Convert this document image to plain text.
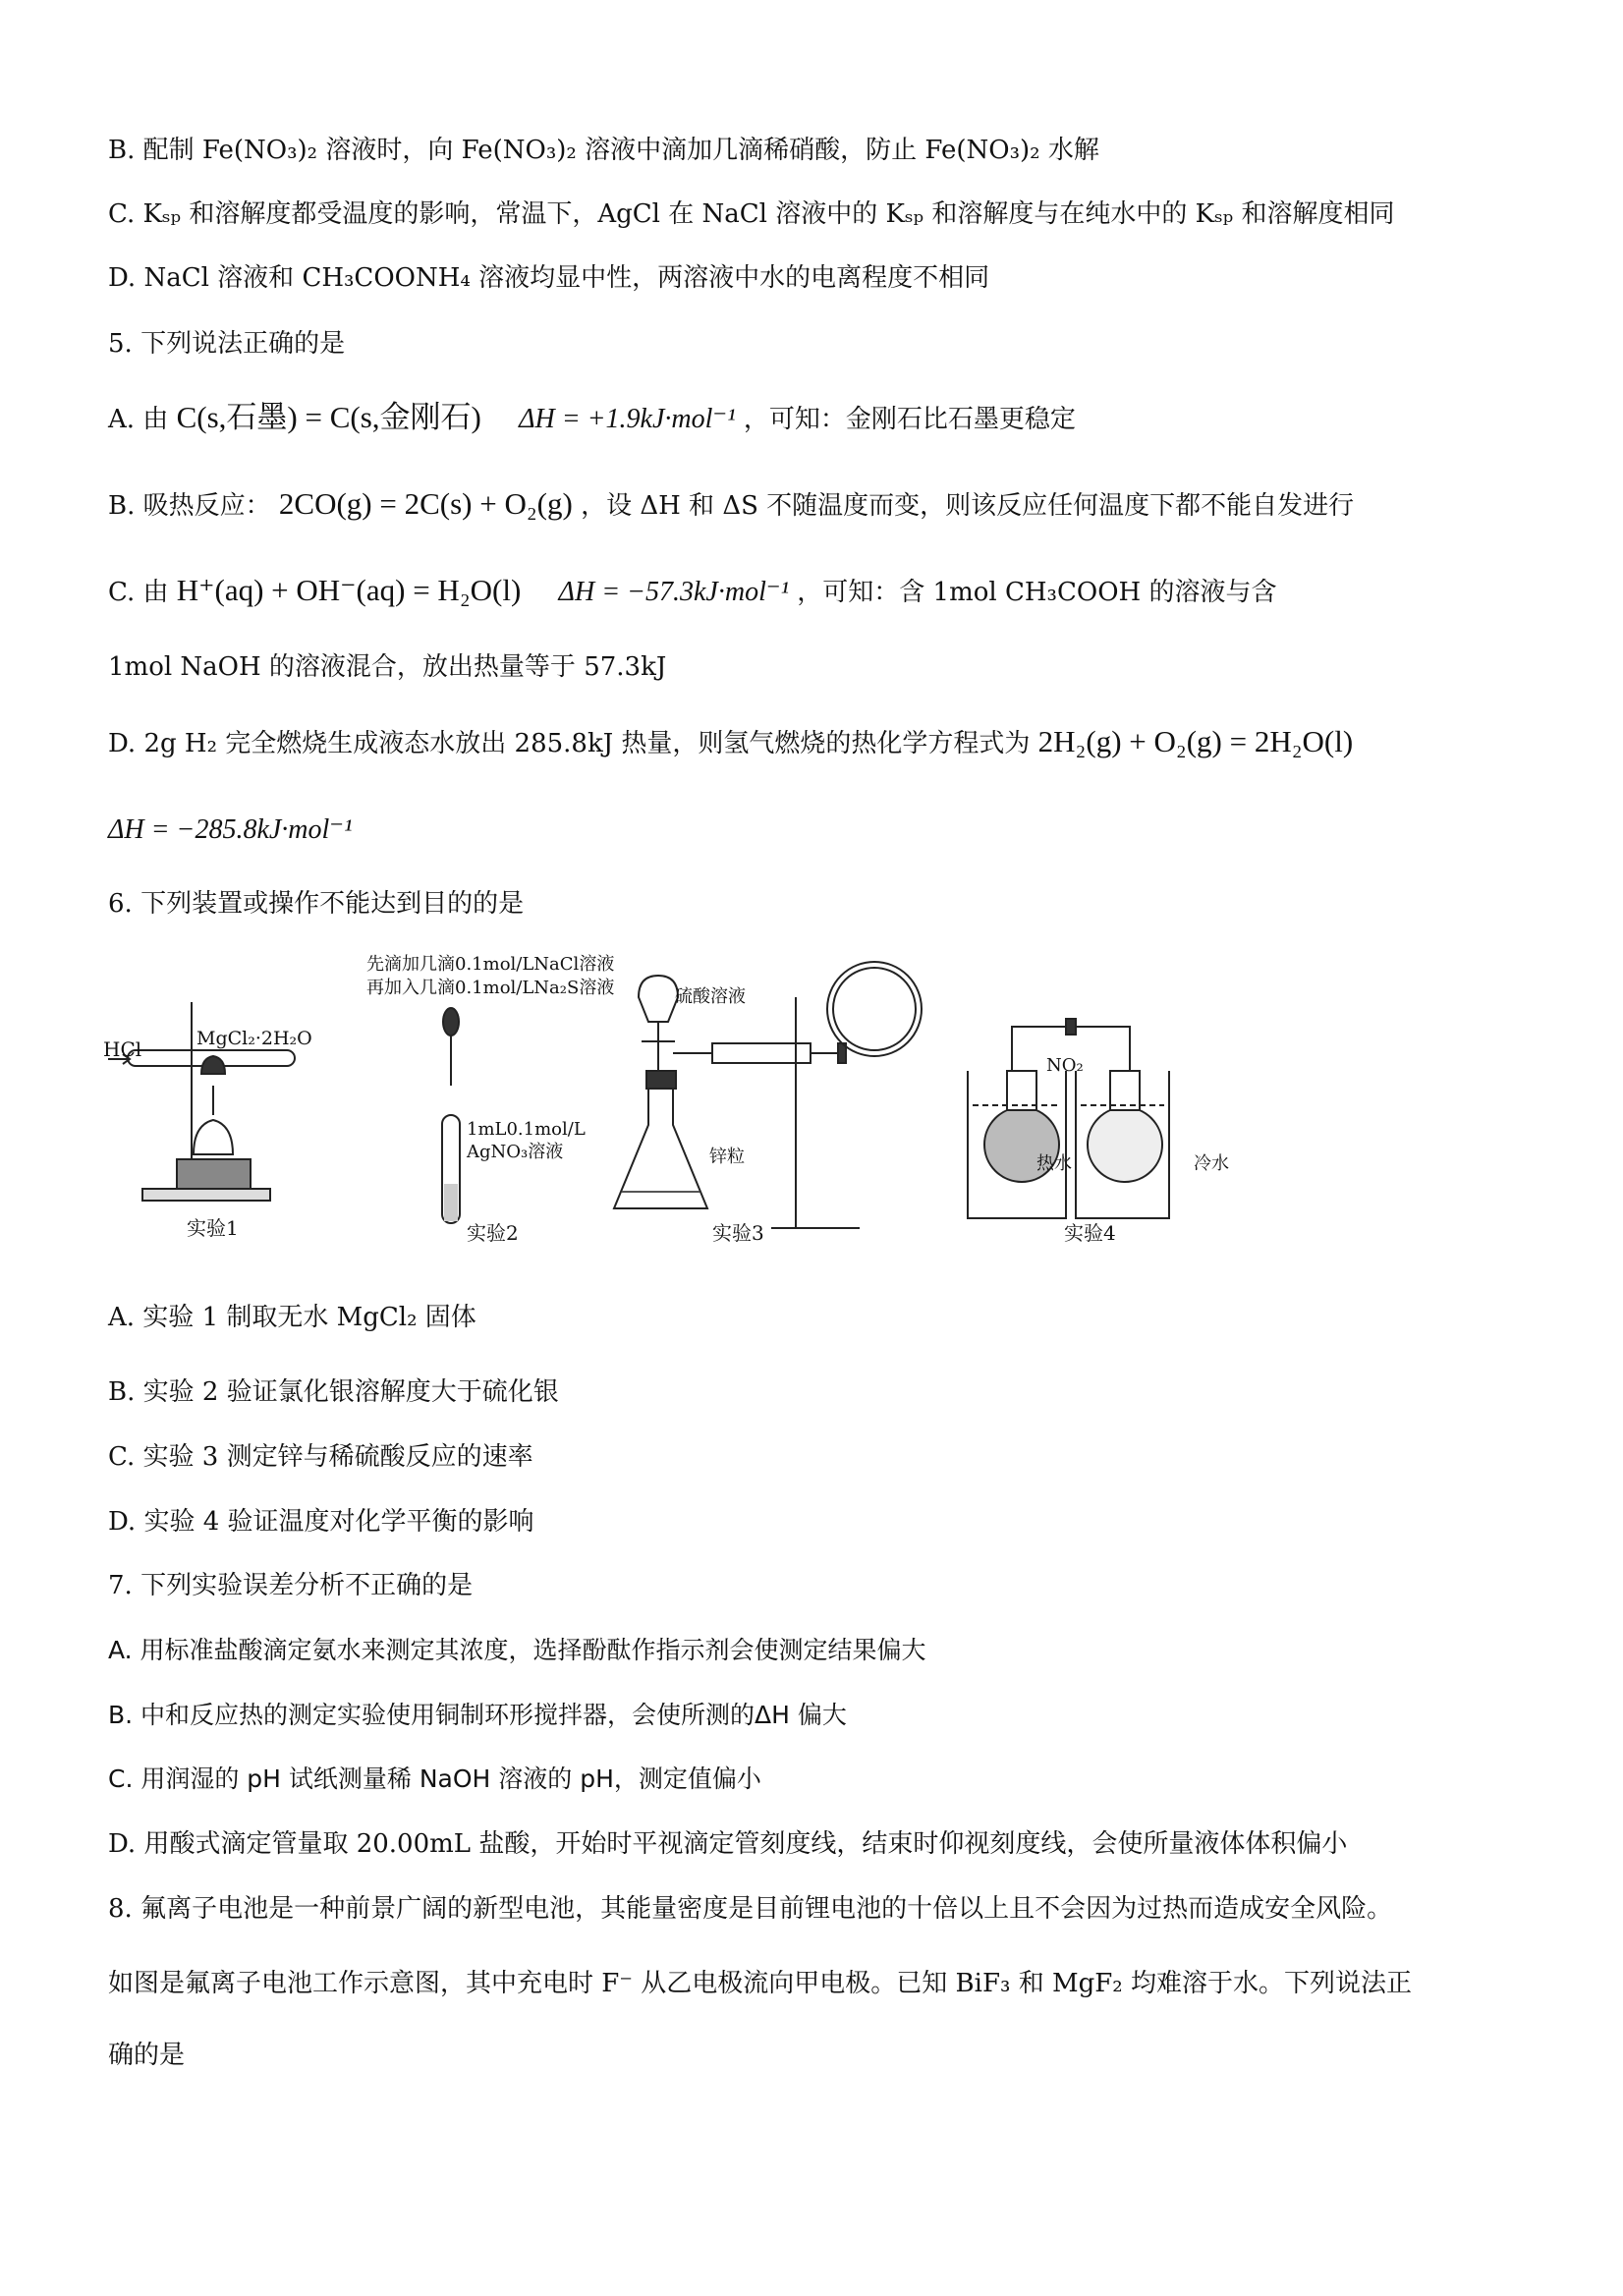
B. 配制 Fe(NO₃)₂ 溶液时，向 Fe(NO₃)₂ 溶液中滴加几滴稀硝酸，防止 Fe(NO₃)₂ 水解
C. Kₛₚ 和溶解度都受温度的影响，常温下，AgCl 在 NaCl 溶液中的 Kₛₚ 和溶解度与在纯水中的 Kₛₚ 和溶解度相同
D. NaCl 溶液和 CH₃COONH₄ 溶液均显中性，两溶液中水的电离程度不相同
5. 下列说法正确的是
A. 由 C(s,石墨) = C(s,金刚石) ΔH = +1.9kJ·mol⁻¹ ，可知：金刚石比石墨更稳定
B. 吸热反应： 2CO(g) = 2C(s) + O₂(g) ，设 ΔH 和 ΔS 不随温度而变，则该反应任何温度下都不能自发进行
C. 由 H⁺(aq) + OH⁻(aq) = H₂O(l) ΔH = −57.3kJ·mol⁻¹ ，可知：含 1mol CH₃COOH 的溶液与含
1mol NaOH 的溶液混合，放出热量等于 57.3kJ
D. 2g H₂ 完全燃烧生成液态水放出 285.8kJ 热量，则氢气燃烧的热化学方程式为 2H₂(g) + O₂(g) = 2H₂O(l)
ΔH = −285.8kJ·mol⁻¹
6. 下列装置或操作不能达到目的的是
HCl	MgCl₂·2H₂O
实验1
先滴加几滴0.1mol/LNaCl溶液
再加入几滴0.1mol/LNa₂S溶液
1mL0.1mol/L
AgNO₃溶液
实验2
硫酸溶液
锌粒
实验3
NO₂
热水	冷水
实验4
A. 实验 1 制取无水 MgCl₂ 固体
B. 实验 2 验证氯化银溶解度大于硫化银
C. 实验 3 测定锌与稀硫酸反应的速率
D. 实验 4 验证温度对化学平衡的影响
7. 下列实验误差分析不正确的是
A. 用标准盐酸滴定氨水来测定其浓度，选择酚酞作指示剂会使测定结果偏大
B. 中和反应热的测定实验使用铜制环形搅拌器，会使所测的ΔH 偏大
C. 用润湿的 pH 试纸测量稀 NaOH 溶液的 pH，测定值偏小
D. 用酸式滴定管量取 20.00mL 盐酸，开始时平视滴定管刻度线，结束时仰视刻度线，会使所量液体体积偏小
8. 氟离子电池是一种前景广阔的新型电池，其能量密度是目前锂电池的十倍以上且不会因为过热而造成安全风险。
如图是氟离子电池工作示意图，其中充电时 F⁻ 从乙电极流向甲电极。已知 BiF₃ 和 MgF₂ 均难溶于水。下列说法正
确的是
